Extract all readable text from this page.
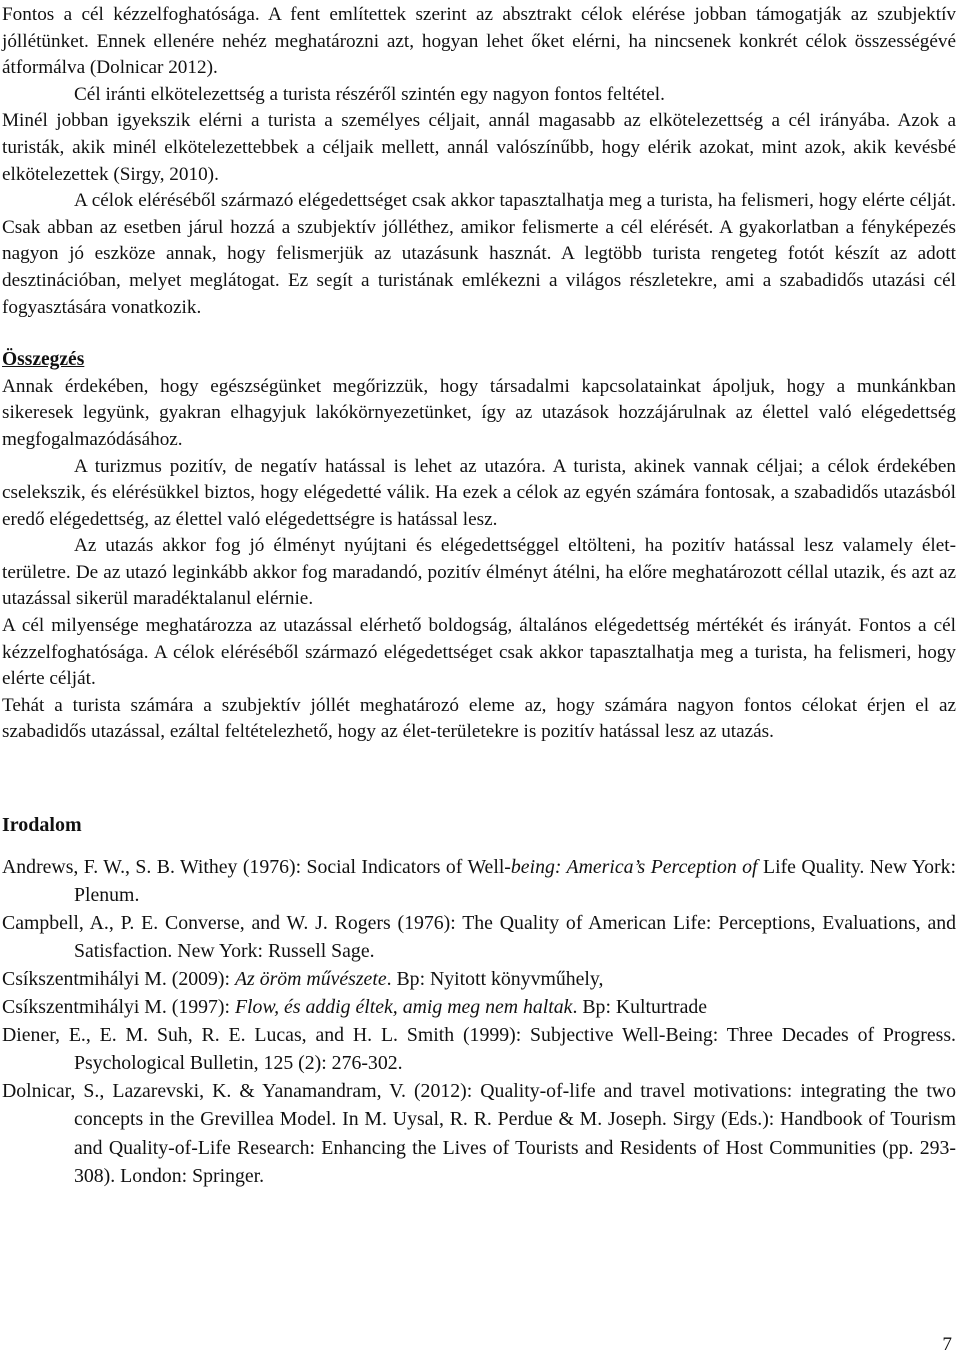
Fontos a cél kézzelfoghatósága. A fent említettek szerint az absztrakt célok elérése jobban támogatják az szubjektív jóllétünket. Ennek ellenére nehéz meghatározni azt, hogyan lehet őket elérni, ha nincsenek konkrét célok összességévé átformálva (Dolnicar 2012).

Cél iránti elkötelezettség a turista részéről szintén egy nagyon fontos feltétel.

Minél jobban igyekszik elérni a turista a személyes céljait, annál magasabb az elkötelezettség a cél irányába. Azok a turisták, akik minél elkötelezettebbek a céljaik mellett, annál valószínűbb, hogy elérik azokat, mint azok, akik kevésbé elkötelezettek (Sirgy, 2010).

A célok eléréséből származó elégedettséget csak akkor tapasztalhatja meg a turista, ha felismeri, hogy elérte célját. Csak abban az esetben járul hozzá a szubjektív jólléthez, amikor felismerte a cél elérését. A gyakorlatban a fényképezés nagyon jó eszköze annak, hogy felismerjük az utazásunk hasznát. A legtöbb turista rengeteg fotót készít az adott desztinációban, melyet meglátogat. Ez segít a turistának emlékezni a világos részletekre, ami a szabadidős utazási cél fogyasztására vonatkozik.

Összegzés

Annak érdekében, hogy egészségünket megőrizzük, hogy társadalmi kapcsolatainkat ápoljuk, hogy a munkánkban sikeresek legyünk, gyakran elhagyjuk lakókörnyezetünket, így az utazások hozzájárulnak az élettel való elégedettség megfogalmazódásához.

A turizmus pozitív, de negatív hatással is lehet az utazóra. A turista, akinek vannak céljai; a célok érdekében cselekszik, és elérésükkel biztos, hogy elégedetté válik. Ha ezek a célok az egyén számára fontosak, a szabadidős utazásból eredő elégedettség, az élettel való elégedettségre is hatással lesz.

Az utazás akkor fog jó élményt nyújtani és elégedettséggel eltölteni, ha pozitív hatással lesz valamely élet-területre. De az utazó leginkább akkor fog maradandó, pozitív élményt átélni, ha előre meghatározott céllal utazik, és azt az utazással sikerül maradéktalanul elérnie.

A cél milyensége meghatározza az utazással elérhető boldogság, általános elégedettség mértékét és irányát. Fontos a cél kézzelfoghatósága. A célok eléréséből származó elégedettséget csak akkor tapasztalhatja meg a turista, ha felismeri, hogy elérte célját.

Tehát a turista számára a szubjektív jóllét meghatározó eleme az, hogy számára nagyon fontos célokat érjen el az szabadidős utazással, ezáltal feltételezhető, hogy az élet-területekre is pozitív hatással lesz az utazás.

Irodalom

Andrews, F. W., S. B. Withey (1976): Social Indicators of Well-being: America’s Perception of Life Quality. New York: Plenum.

Campbell, A., P. E. Converse, and W. J. Rogers (1976): The Quality of American Life: Perceptions, Evaluations, and Satisfaction. New York: Russell Sage.

Csíkszentmihályi M. (2009): Az öröm művészete. Bp: Nyitott könyvműhely,

Csíkszentmihályi M. (1997): Flow, és addig éltek, amig meg nem haltak. Bp: Kulturtrade

Diener, E., E. M. Suh, R. E. Lucas, and H. L. Smith (1999): Subjective Well-Being: Three Decades of Progress. Psychological Bulletin, 125 (2): 276-302.

Dolnicar, S., Lazarevski, K. & Yanamandram, V. (2012): Quality-of-life and travel motivations: integrating the two concepts in the Grevillea Model. In M. Uysal, R. R. Perdue & M. Joseph. Sirgy (Eds.): Handbook of Tourism and Quality-of-Life Research: Enhancing the Lives of Tourists and Residents of Host Communities (pp. 293-308). London: Springer.

7
